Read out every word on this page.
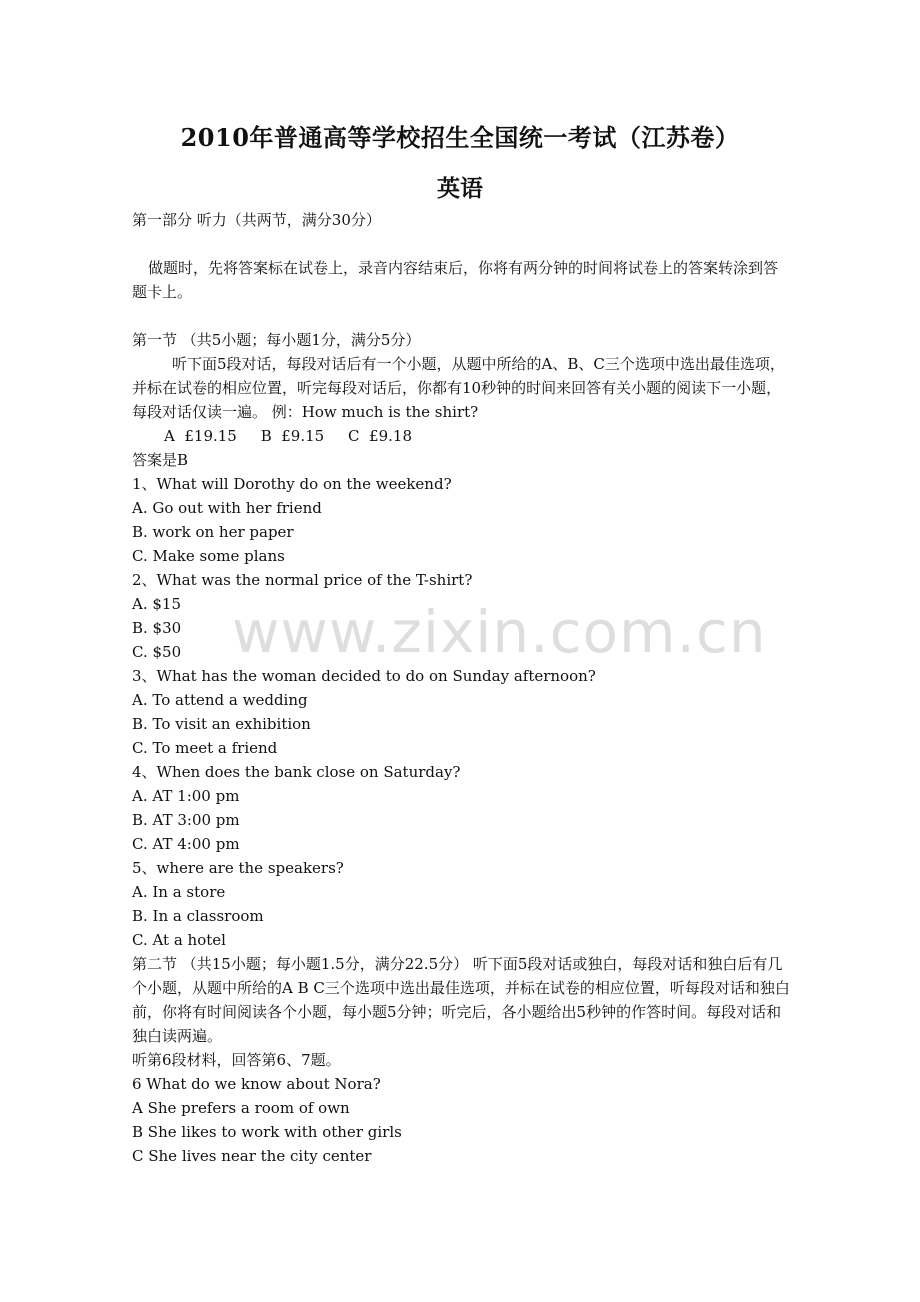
2010年普通高等学校招生全国统一考试（江苏卷）
英语

第一部分 听力（共两节，满分30分）

做题时，先将答案标在试卷上，录音内容结束后，你将有两分钟的时间将试卷上的答案转涂到答题卡上。

第一节 （共5小题；每小题1分，满分5分）

听下面5段对话，每段对话后有一个小题，从题中所给的A、B、C三个选项中选出最佳选项，并标在试卷的相应位置，听完每段对话后，你都有10秒钟的时间来回答有关小题的阅读下一小题，每段对话仅读一遍。 例：How much is the shirt?

A  £19.15     B  £9.15     C  £9.18

答案是B

1、What will Dorothy do on the weekend?

A. Go out with her friend

B. work on her paper

C. Make some plans

2、What was the normal price of the T-shirt?

A. $15

B. $30

C. $50

3、What has the woman decided to do on Sunday afternoon?

A. To attend a wedding

B. To visit an exhibition

C. To meet a friend

4、When does the bank close on Saturday?

A. AT 1:00 pm

B. AT 3:00 pm

C. AT 4:00 pm

5、where are the speakers?

A. In a store

B. In a classroom

C. At a hotel

第二节 （共15小题；每小题1.5分，满分22.5分） 听下面5段对话或独白，每段对话和独白后有几个小题，从题中所给的A B C三个选项中选出最佳选项，并标在试卷的相应位置，听每段对话和独白前，你将有时间阅读各个小题，每小题5分钟；听完后，各小题给出5秒钟的作答时间。每段对话和独白读两遍。

听第6段材料，回答第6、7题。

6 What do we know about Nora?

A She prefers a room of own

B She likes to work with other girls

C She lives near the city center

www.zixin.com.cn
